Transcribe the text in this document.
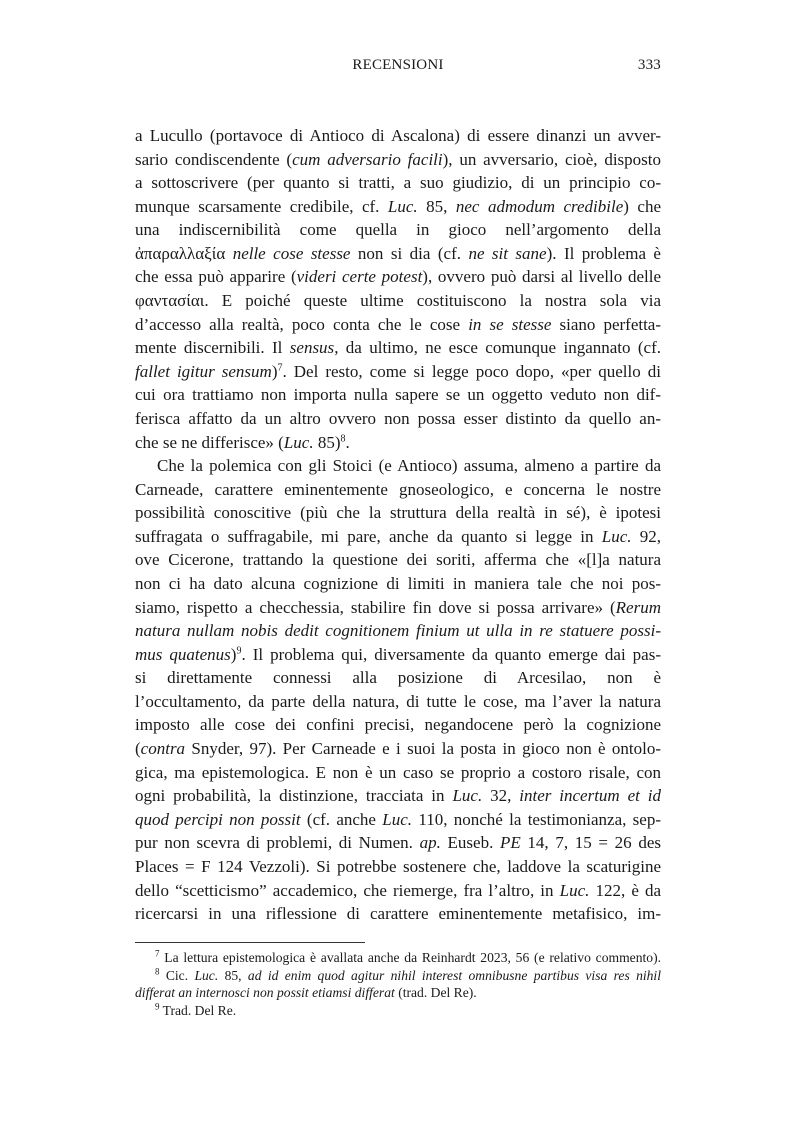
RECENSIONI	333
a Lucullo (portavoce di Antioco di Ascalona) di essere dinanzi un avver-
sario condiscendente (cum adversario facili), un avversario, cioè, disposto
a sottoscrivere (per quanto si tratti, a suo giudizio, di un principio co-
munque scarsamente credibile, cf. Luc. 85, nec admodum credibile) che
una indiscernibilità come quella in gioco nell’argomento della
ἀπαραλλαξία nelle cose stesse non si dia (cf. ne sit sane). Il problema è
che essa può apparire (videri certe potest), ovvero può darsi al livello delle
φαντασίαι. E poiché queste ultime costituiscono la nostra sola via
d’accesso alla realtà, poco conta che le cose in se stesse siano perfetta-
mente discernibili. Il sensus, da ultimo, ne esce comunque ingannato (cf.
fallet igitur sensum)$^7$. Del resto, come si legge poco dopo, «per quello di
cui ora trattiamo non importa nulla sapere se un oggetto veduto non dif-
ferisca affatto da un altro ovvero non possa esser distinto da quello an-
che se ne differisce» (Luc. 85)$^8$.
Che la polemica con gli Stoici (e Antioco) assuma, almeno a partire da
Carneade, carattere eminentemente gnoseologico, e concerna le nostre
possibilità conoscitive (più che la struttura della realtà in sé), è ipotesi
suffragata o suffragabile, mi pare, anche da quanto si legge in Luc. 92,
ove Cicerone, trattando la questione dei soriti, afferma che «[l]a natura
non ci ha dato alcuna cognizione di limiti in maniera tale che noi pos-
siamo, rispetto a checchessia, stabilire fin dove si possa arrivare» (Rerum
natura nullam nobis dedit cognitionem finium ut ulla in re statuere possi-
mus quatenus)$^9$. Il problema qui, diversamente da quanto emerge dai pas-
si direttamente connessi alla posizione di Arcesilao, non è
l’occultamento, da parte della natura, di tutte le cose, ma l’aver la natura
imposto alle cose dei confini precisi, negandocene però la cognizione
(contra Snyder, 97). Per Carneade e i suoi la posta in gioco non è ontolo-
gica, ma epistemologica. E non è un caso se proprio a costoro risale, con
ogni probabilità, la distinzione, tracciata in Luc. 32, inter incertum et id
quod percipi non possit (cf. anche Luc. 110, nonché la testimonianza, sep-
pur non scevra di problemi, di Numen. ap. Euseb. PE 14, 7, 15 = 26 des
Places = F 124 Vezzoli). Si potrebbe sostenere che, laddove la scaturigine
dello “scetticismo” accademico, che riemerge, fra l’altro, in Luc. 122, è da
ricercarsi in una riflessione di carattere eminentemente metafisico, im-
$^7$ La lettura epistemologica è avallata anche da Reinhardt 2023, 56 (e relativo commento).
$^8$ Cic. Luc. 85, ad id enim quod agitur nihil interest omnibusne partibus visa res nihil
differat an internosci non possit etiamsi differat (trad. Del Re).
$^9$ Trad. Del Re.
